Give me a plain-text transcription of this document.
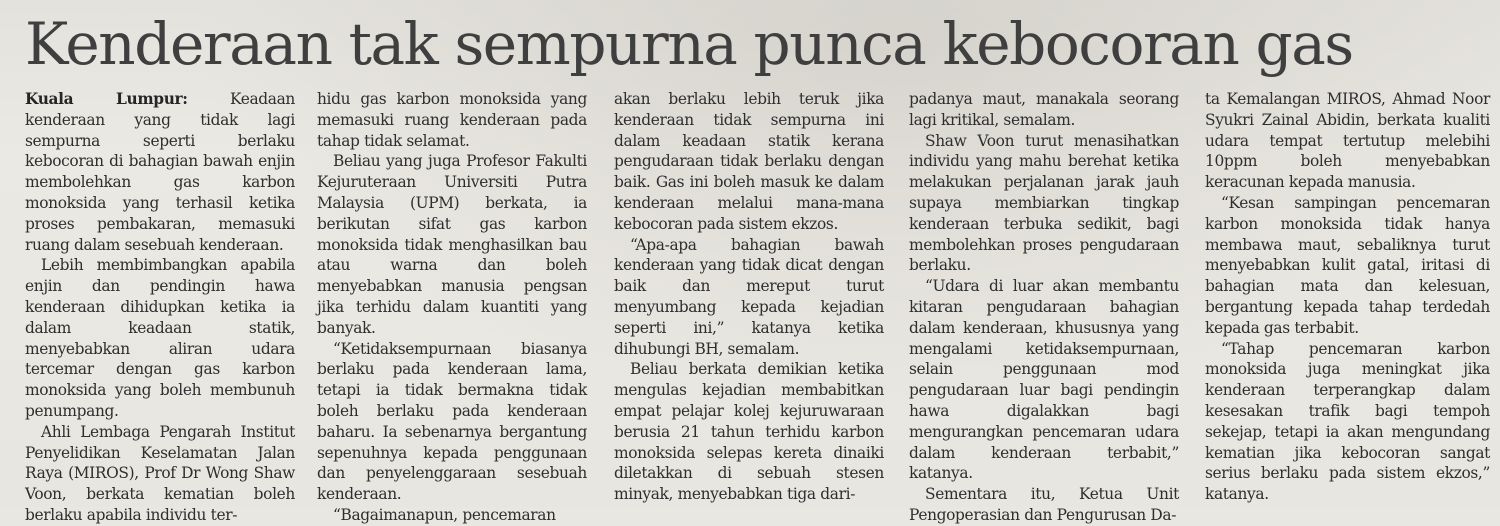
Kenderaan tak sempurna punca kebocoran gas

Kuala Lumpur: Keadaan kenderaan yang tidak lagi sempurna seperti berlaku kebocoran di bahagian bawah enjin membolehkan gas karbon monoksida yang terhasil ketika proses pembakaran, memasuki ruang dalam sesebuah kenderaan.

Lebih membimbangkan apabila enjin dan pendingin hawa kenderaan dihidupkan ketika ia dalam keadaan statik, menyebabkan aliran udara tercemar dengan gas karbon monoksida yang boleh membunuh penumpang.

Ahli Lembaga Pengarah Institut Penyelidikan Keselamatan Jalan Raya (MIROS), Prof Dr Wong Shaw Voon, berkata kematian boleh berlaku apabila individu ter-

hidu gas karbon monoksida yang memasuki ruang kenderaan pada tahap tidak selamat.

Beliau yang juga Profesor Fakulti Kejuruteraan Universiti Putra Malaysia (UPM) berkata, ia berikutan sifat gas karbon monoksida tidak menghasilkan bau atau warna dan boleh menyebabkan manusia pengsan jika terhidu dalam kuantiti yang banyak.

“Ketidaksempurnaan biasanya berlaku pada kenderaan lama, tetapi ia tidak bermakna tidak boleh berlaku pada kenderaan baharu. Ia sebenarnya bergantung sepenuhnya kepada penggunaan dan penyelenggaraan sesebuah kenderaan.

“Bagaimanapun, pencemaran

akan berlaku lebih teruk jika kenderaan tidak sempurna ini dalam keadaan statik kerana pengudaraan tidak berlaku dengan baik. Gas ini boleh masuk ke dalam kenderaan melalui mana-mana kebocoran pada sistem ekzos.

“Apa-apa bahagian bawah kenderaan yang tidak dicat dengan baik dan mereput turut menyumbang kepada kejadian seperti ini,” katanya ketika dihubungi BH, semalam.

Beliau berkata demikian ketika mengulas kejadian membabitkan empat pelajar kolej kejuruwaraan berusia 21 tahun terhidu karbon monoksida selepas kereta dinaiki diletakkan di sebuah stesen minyak, menyebabkan tiga dari-

padanya maut, manakala seorang lagi kritikal, semalam.

Shaw Voon turut menasihatkan individu yang mahu berehat ketika melakukan perjalanan jarak jauh supaya membiarkan tingkap kenderaan terbuka sedikit, bagi membolehkan proses pengudaraan berlaku.

“Udara di luar akan membantu kitaran pengudaraan bahagian dalam kenderaan, khususnya yang mengalami ketidaksempurnaan, selain penggunaan mod pengudaraan luar bagi pendingin hawa digalakkan bagi mengurangkan pencemaran udara dalam kenderaan terbabit,” katanya.

Sementara itu, Ketua Unit Pengoperasian dan Pengurusan Da-

ta Kemalangan MIROS, Ahmad Noor Syukri Zainal Abidin, berkata kualiti udara tempat tertutup melebihi 10ppm boleh menyebabkan keracunan kepada manusia.

“Kesan sampingan pencemaran karbon monoksida tidak hanya membawa maut, sebaliknya turut menyebabkan kulit gatal, iritasi di bahagian mata dan kelesuan, bergantung kepada tahap terdedah kepada gas terbabit.

“Tahap pencemaran karbon monoksida juga meningkat jika kenderaan terperangkap dalam kesesakan trafik bagi tempoh sekejap, tetapi ia akan mengundang kematian jika kebocoran sangat serius berlaku pada sistem ekzos,” katanya.
